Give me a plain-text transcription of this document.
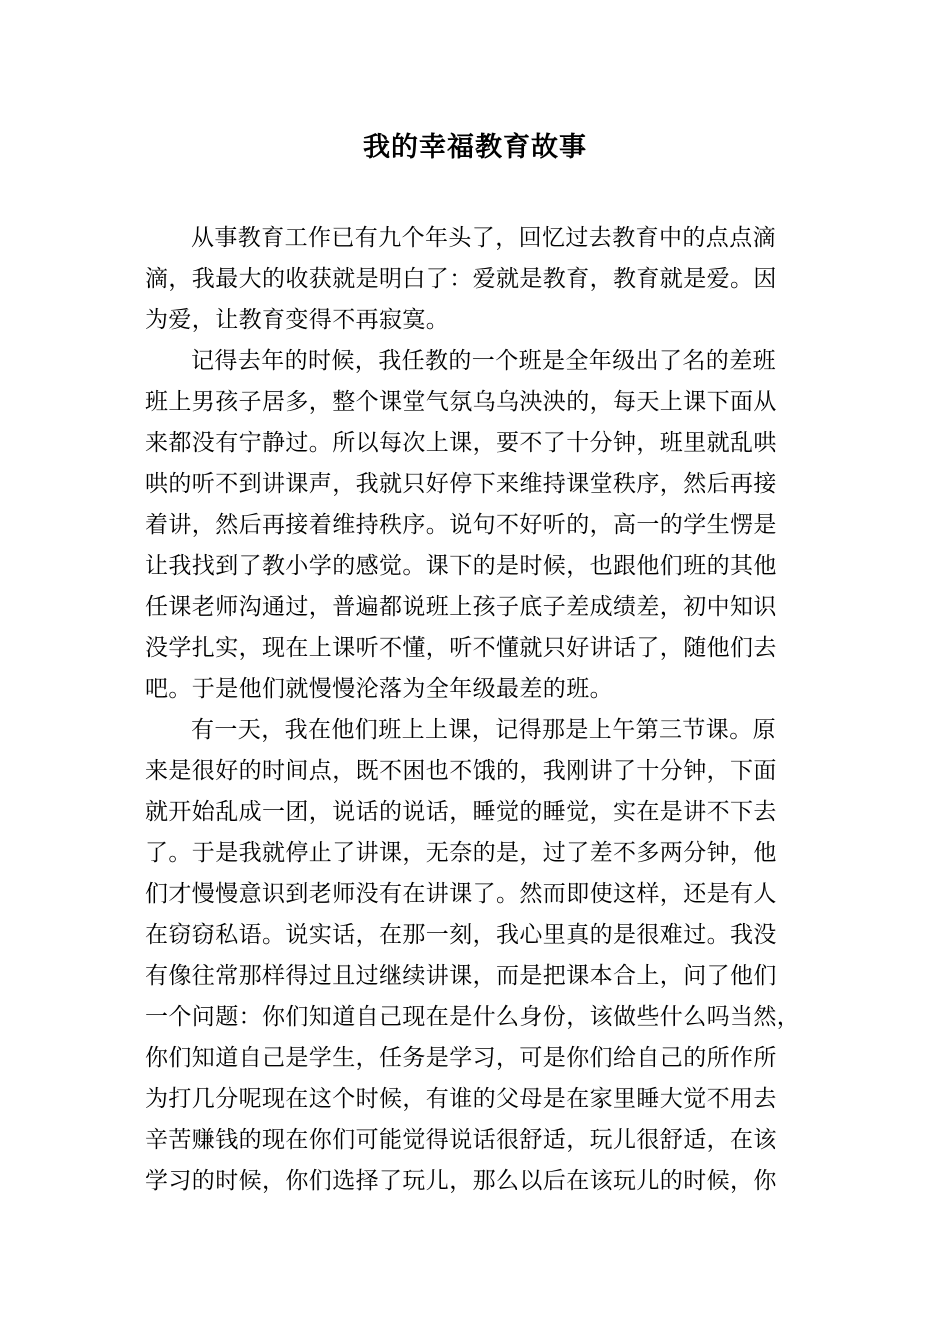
我的幸福教育故事
从事教育工作已有九个年头了，回忆过去教育中的点点滴
滴，我最大的收获就是明白了：爱就是教育，教育就是爱。因
为爱，让教育变得不再寂寞。
记得去年的时候，我任教的一个班是全年级出了名的差班
班上男孩子居多，整个课堂气氛乌乌泱泱的，每天上课下面从
来都没有宁静过。所以每次上课，要不了十分钟，班里就乱哄
哄的听不到讲课声，我就只好停下来维持课堂秩序，然后再接
着讲，然后再接着维持秩序。说句不好听的，高一的学生愣是
让我找到了教小学的感觉。课下的是时候，也跟他们班的其他
任课老师沟通过，普遍都说班上孩子底子差成绩差，初中知识
没学扎实，现在上课听不懂，听不懂就只好讲话了，随他们去
吧。于是他们就慢慢沦落为全年级最差的班。
有一天，我在他们班上上课，记得那是上午第三节课。原
来是很好的时间点，既不困也不饿的，我刚讲了十分钟，下面
就开始乱成一团，说话的说话，睡觉的睡觉，实在是讲不下去
了。于是我就停止了讲课，无奈的是，过了差不多两分钟，他
们才慢慢意识到老师没有在讲课了。然而即使这样，还是有人
在窃窃私语。说实话，在那一刻，我心里真的是很难过。我没
有像往常那样得过且过继续讲课，而是把课本合上，问了他们
一个问题：你们知道自己现在是什么身份，该做些什么吗当然，
你们知道自己是学生，任务是学习，可是你们给自己的所作所
为打几分呢现在这个时候，有谁的父母是在家里睡大觉不用去
辛苦赚钱的现在你们可能觉得说话很舒适，玩儿很舒适，在该
学习的时候，你们选择了玩儿，那么以后在该玩儿的时候，你
